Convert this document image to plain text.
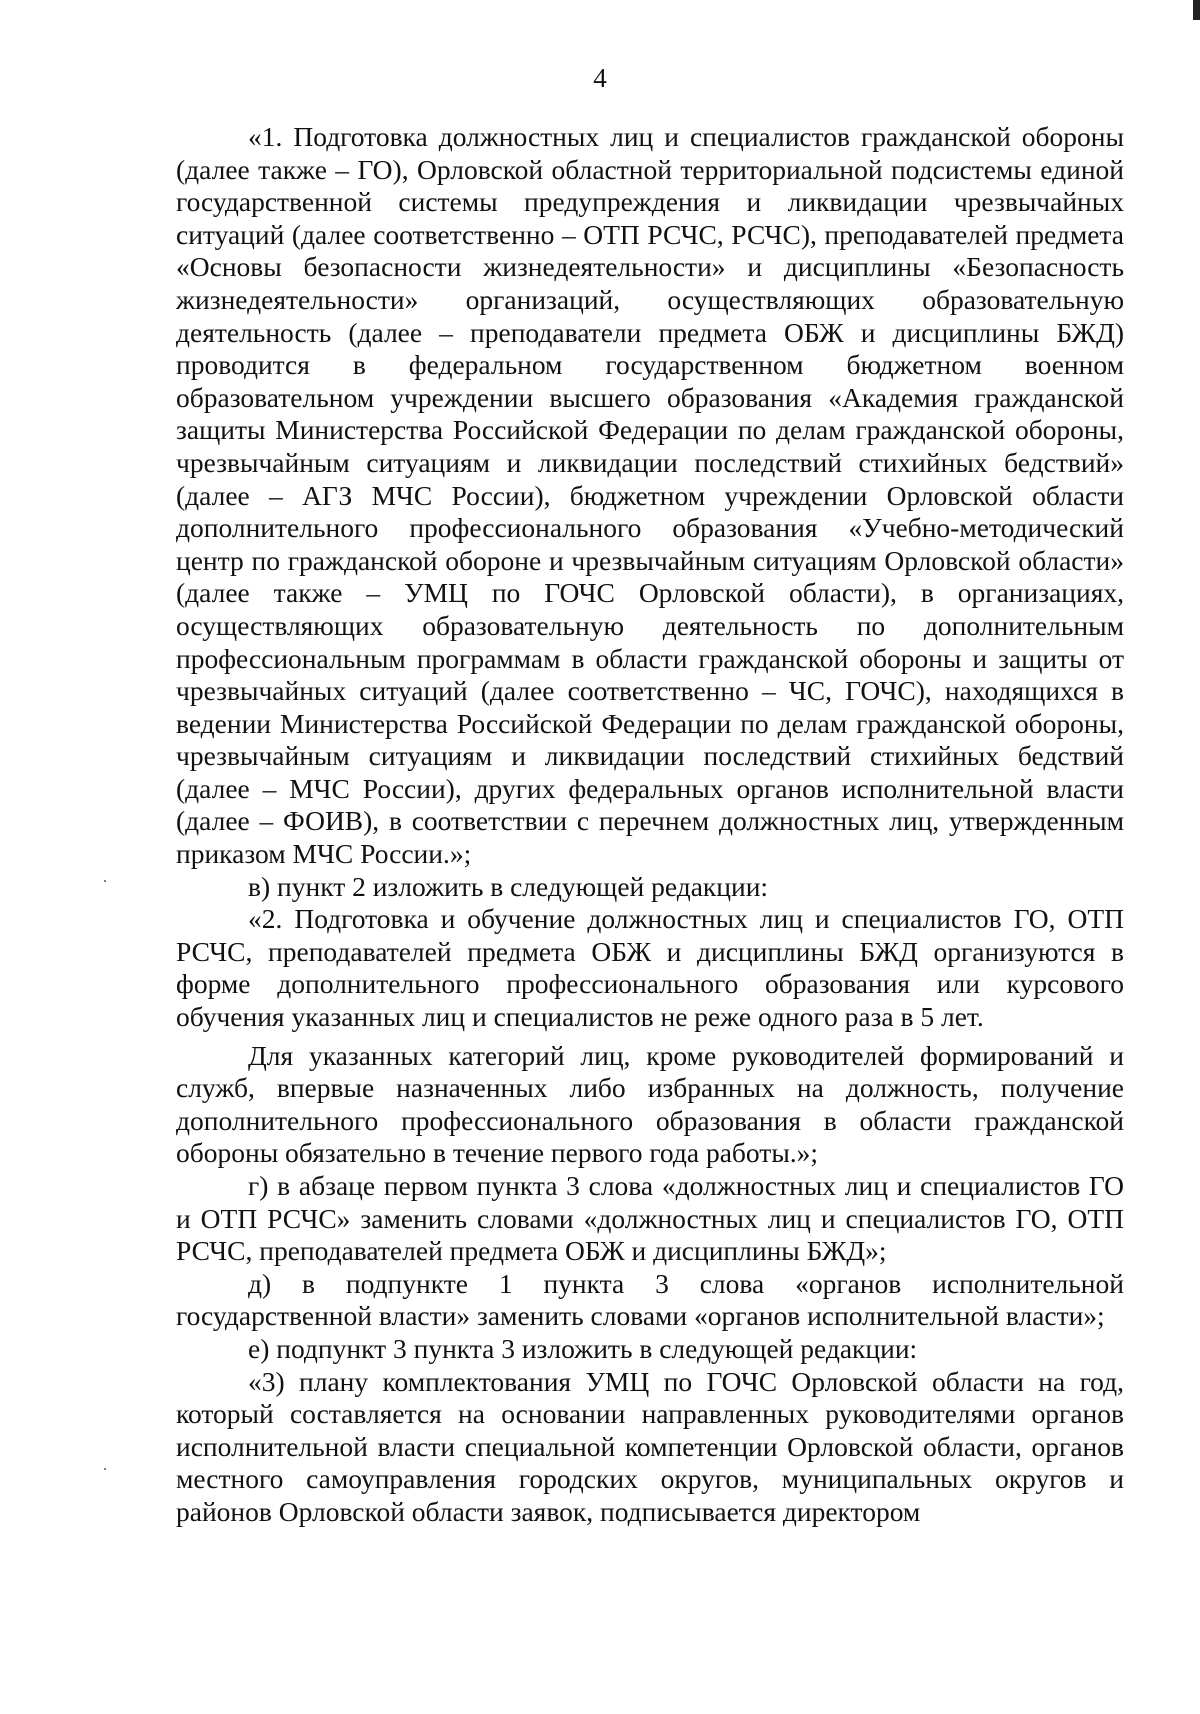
4

«1. Подготовка должностных лиц и специалистов гражданской обороны (далее также – ГО), Орловской областной территориальной подсистемы единой государственной системы предупреждения и ликвидации чрезвычайных ситуаций (далее соответственно – ОТП РСЧС, РСЧС), преподавателей предмета «Основы безопасности жизнедеятельности» и дисциплины «Безопасность жизнедеятельности» организаций, осуществляющих образовательную деятельность (далее – преподаватели предмета ОБЖ и дисциплины БЖД) проводится в федеральном государственном бюджетном военном образовательном учреждении высшего образования «Академия гражданской защиты Министерства Российской Федерации по делам гражданской обороны, чрезвычайным ситуациям и ликвидации последствий стихийных бедствий» (далее – АГЗ МЧС России), бюджетном учреждении Орловской области дополнительного профессионального образования «Учебно-методический центр по гражданской обороне и чрезвычайным ситуациям Орловской области» (далее также – УМЦ по ГОЧС Орловской области), в организациях, осуществляющих образовательную деятельность по дополнительным профессиональным программам в области гражданской обороны и защиты от чрезвычайных ситуаций (далее соответственно – ЧС, ГОЧС), находящихся в ведении Министерства Российской Федерации по делам гражданской обороны, чрезвычайным ситуациям и ликвидации последствий стихийных бедствий (далее – МЧС России), других федеральных органов исполнительной власти (далее – ФОИВ), в соответствии с перечнем должностных лиц, утвержденным приказом МЧС России.»;

в) пункт 2 изложить в следующей редакции:

«2. Подготовка и обучение должностных лиц и специалистов ГО, ОТП РСЧС, преподавателей предмета ОБЖ и дисциплины БЖД организуются в форме дополнительного профессионального образования или курсового обучения указанных лиц и специалистов не реже одного раза в 5 лет.

Для указанных категорий лиц, кроме руководителей формирований и служб, впервые назначенных либо избранных на должность, получение дополнительного профессионального образования в области гражданской обороны обязательно в течение первого года работы.»;

г) в абзаце первом пункта 3 слова «должностных лиц и специалистов ГО и ОТП РСЧС» заменить словами «должностных лиц и специалистов ГО, ОТП РСЧС, преподавателей предмета ОБЖ и дисциплины БЖД»;

д) в подпункте 1 пункта 3 слова «органов исполнительной государственной власти» заменить словами «органов исполнительной власти»;

е) подпункт 3 пункта 3 изложить в следующей редакции:

«3) плану комплектования УМЦ по ГОЧС Орловской области на год, который составляется на основании направленных руководителями органов исполнительной власти специальной компетенции Орловской области, органов местного самоуправления городских округов, муниципальных округов и районов Орловской области заявок, подписывается директором
